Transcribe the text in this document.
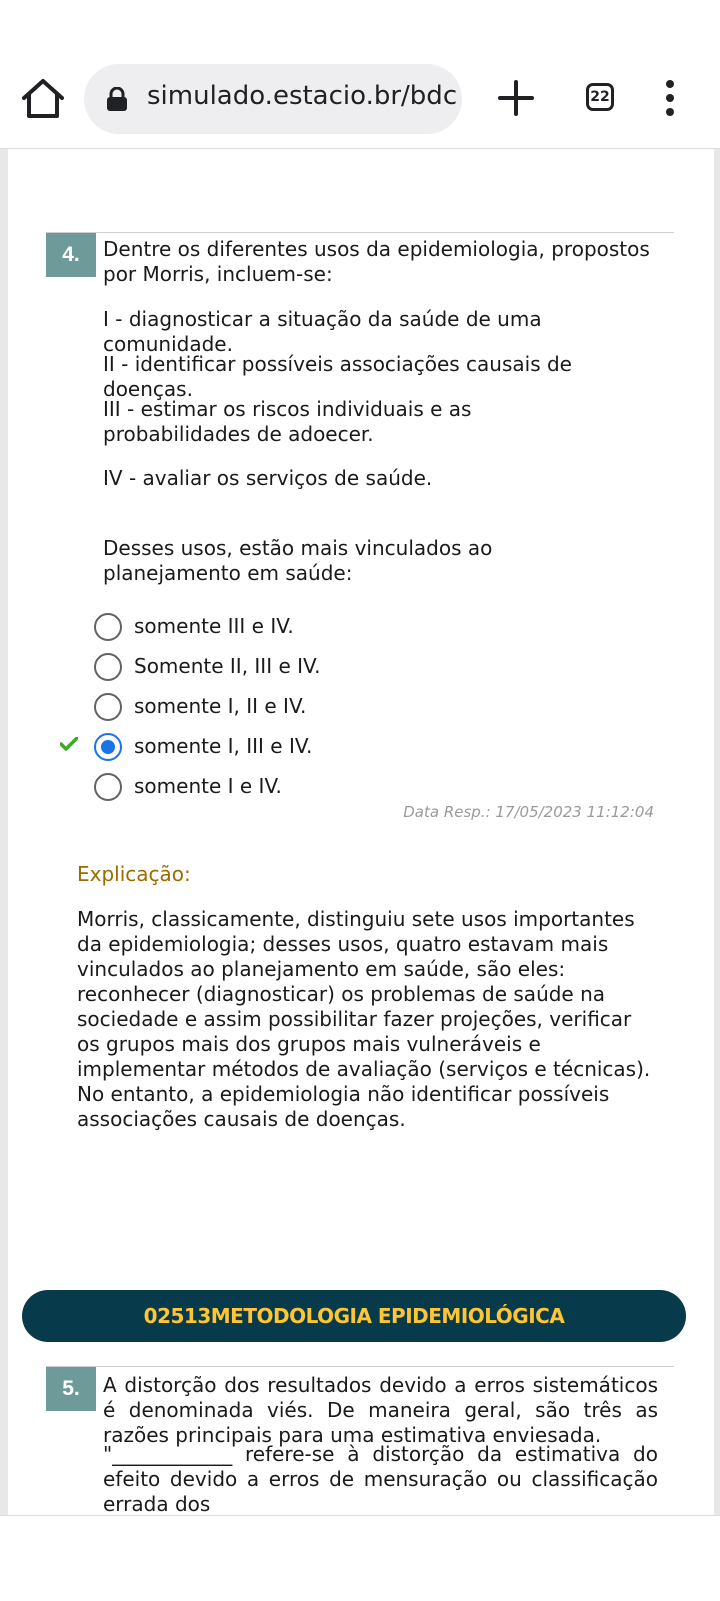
simulado.estacio.br/bdc	22
4.	Dentre os diferentes usos da epidemiologia, propostos por Morris, incluem-se:
I - diagnosticar a situação da saúde de uma comunidade.
II - identificar possíveis associações causais de doenças.
III - estimar os riscos individuais e as probabilidades de adoecer.
IV - avaliar os serviços de saúde.
Desses usos, estão mais vinculados ao planejamento em saúde:
somente III e IV.
Somente II, III e IV.
somente I, II e IV.
somente I, III e IV.
somente I e IV.
Data Resp.: 17/05/2023 11:12:04
Explicação:
Morris, classicamente, distinguiu sete usos importantes da epidemiologia; desses usos, quatro estavam mais vinculados ao planejamento em saúde, são eles: reconhecer (diagnosticar) os problemas de saúde na sociedade e assim possibilitar fazer projeções, verificar os grupos mais dos grupos mais vulneráveis e implementar métodos de avaliação (serviços e técnicas). No entanto, a epidemiologia não identificar possíveis associações causais de doenças.
02513METODOLOGIA EPIDEMIOLÓGICA
5.	A distorção dos resultados devido a erros sistemáticos é denominada viés. De maneira geral, são três as razões principais para uma estimativa enviesada.
"____________ refere-se à distorção da estimativa do efeito devido a erros de mensuração ou classificação errada dos
